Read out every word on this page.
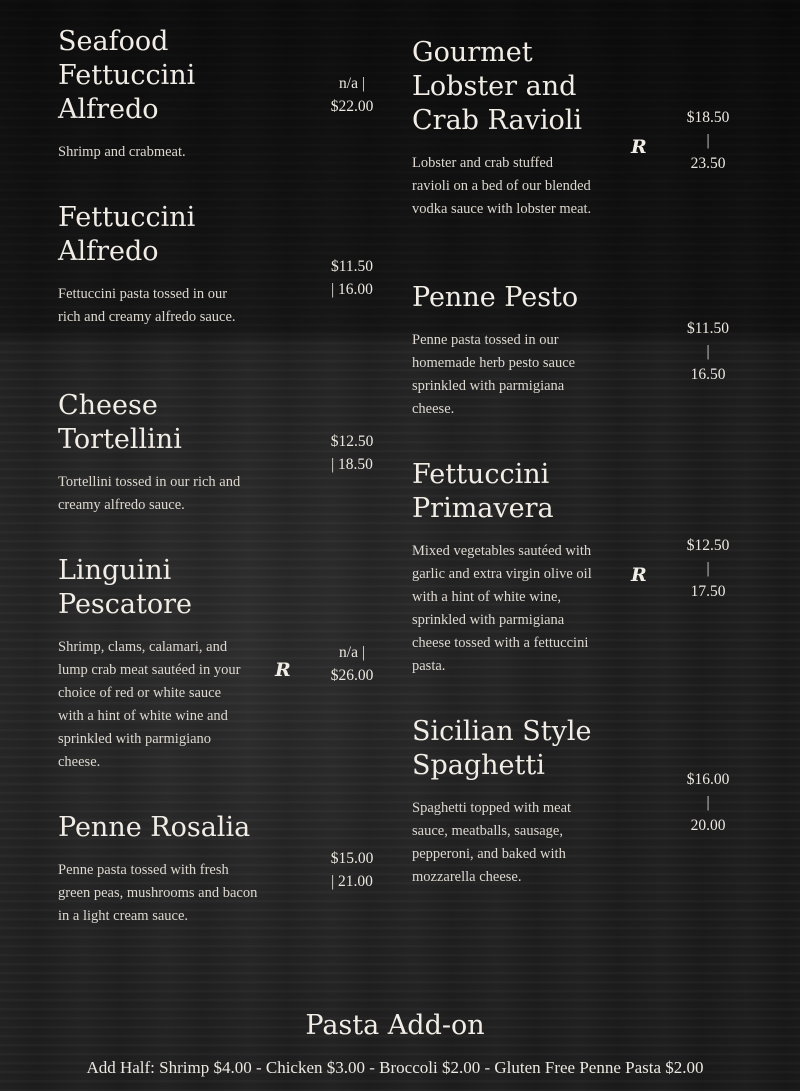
Seafood Fettuccini Alfredo

Shrimp and crabmeat.

n/a |
$22.00
Fettuccini Alfredo

Fettuccini pasta tossed in our rich and creamy alfredo sauce.

$11.50
| 16.00
Cheese Tortellini

Tortellini tossed in our rich and creamy alfredo sauce.

$12.50
| 18.50
Linguini Pescatore

Shrimp, clams, calamari, and lump crab meat sautéed in your choice of red or white sauce with a hint of white wine and sprinkled with parmigiano cheese.

R
n/a |
$26.00
Penne Rosalia

Penne pasta tossed with fresh green peas, mushrooms and bacon in a light cream sauce.

$15.00
| 21.00
Gourmet Lobster and Crab Ravioli

Lobster and crab stuffed ravioli on a bed of our blended vodka sauce with lobster meat.

R
$18.50
|
23.50
Penne Pesto

Penne pasta tossed in our homemade herb pesto sauce sprinkled with parmigiana cheese.

$11.50
|
16.50
Fettuccini Primavera

Mixed vegetables sautéed with garlic and extra virgin olive oil with a hint of white wine, sprinkled with parmigiana cheese tossed with a fettuccini pasta.

R
$12.50
|
17.50
Sicilian Style Spaghetti

Spaghetti topped with meat sauce, meatballs, sausage, pepperoni, and baked with mozzarella cheese.

$16.00
|
20.00
Pasta Add-on
Add Half: Shrimp $4.00 - Chicken $3.00 - Broccoli $2.00 - Gluten Free Penne Pasta $2.00
